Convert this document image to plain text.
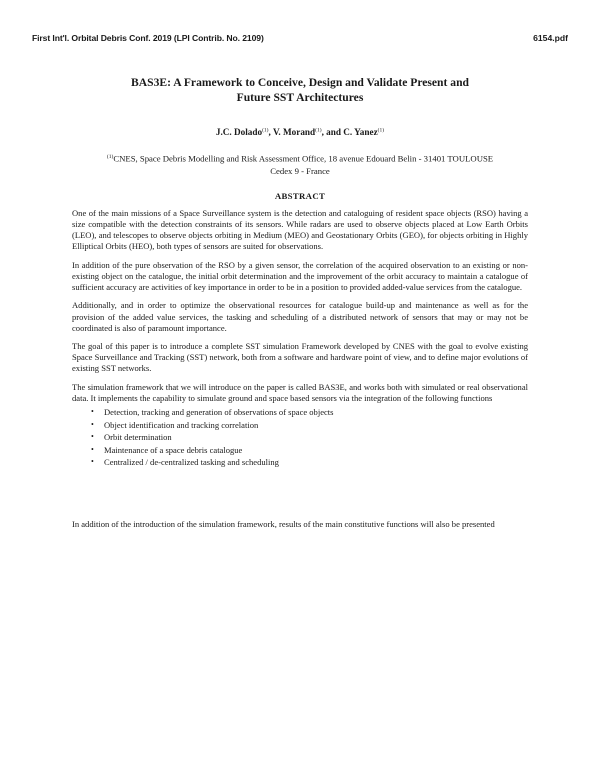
First Int'l. Orbital Debris Conf. 2019 (LPI Contrib. No. 2109)	6154.pdf
BAS3E: A Framework to Conceive, Design and Validate Present and
Future SST Architectures
J.C. Dolado$^{(1)}$, V. Morand$^{(1)}$, and C. Yanez$^{(1)}$
$^{(1)}$CNES, Space Debris Modelling and Risk Assessment Office, 18 avenue Edouard Belin - 31401 TOULOUSE
Cedex 9 - France
ABSTRACT

One of the main missions of a Space Surveillance system is the detection and cataloguing of resident space objects (RSO) having a size compatible with the detection constraints of its sensors. While radars are used to observe objects placed at Low Earth Orbits (LEO), and telescopes to observe objects orbiting in Medium (MEO) and Geostationary Orbits (GEO), for objects orbiting in Highly Elliptical Orbits (HEO), both types of sensors are suited for observations.

In addition of the pure observation of the RSO by a given sensor, the correlation of the acquired observation to an existing or non-existing object on the catalogue, the initial orbit determination and the improvement of the orbit accuracy to maintain a catalogue of sufficient accuracy are activities of key importance in order to be in a position to provided added-value services from the catalogue.

Additionally, and in order to optimize the observational resources for catalogue build-up and maintenance as well as for the provision of the added value services, the tasking and scheduling of a distributed network of sensors that may or may not be coordinated is also of paramount importance.

The goal of this paper is to introduce a complete SST simulation Framework developed by CNES with the goal to evolve existing Space Surveillance and Tracking (SST) network, both from a software and hardware point of view, and to define major evolutions of existing SST networks.

The simulation framework that we will introduce on the paper is called BAS3E, and works both with simulated or real observational data. It implements the capability to simulate ground and space based sensors via the integration of the following functions

• Detection, tracking and generation of observations of space objects
• Object identification and tracking correlation
• Orbit determination
• Maintenance of a space debris catalogue
• Centralized / de-centralized tasking and scheduling

In addition of the introduction of the simulation framework, results of the main constitutive functions will also be presented
